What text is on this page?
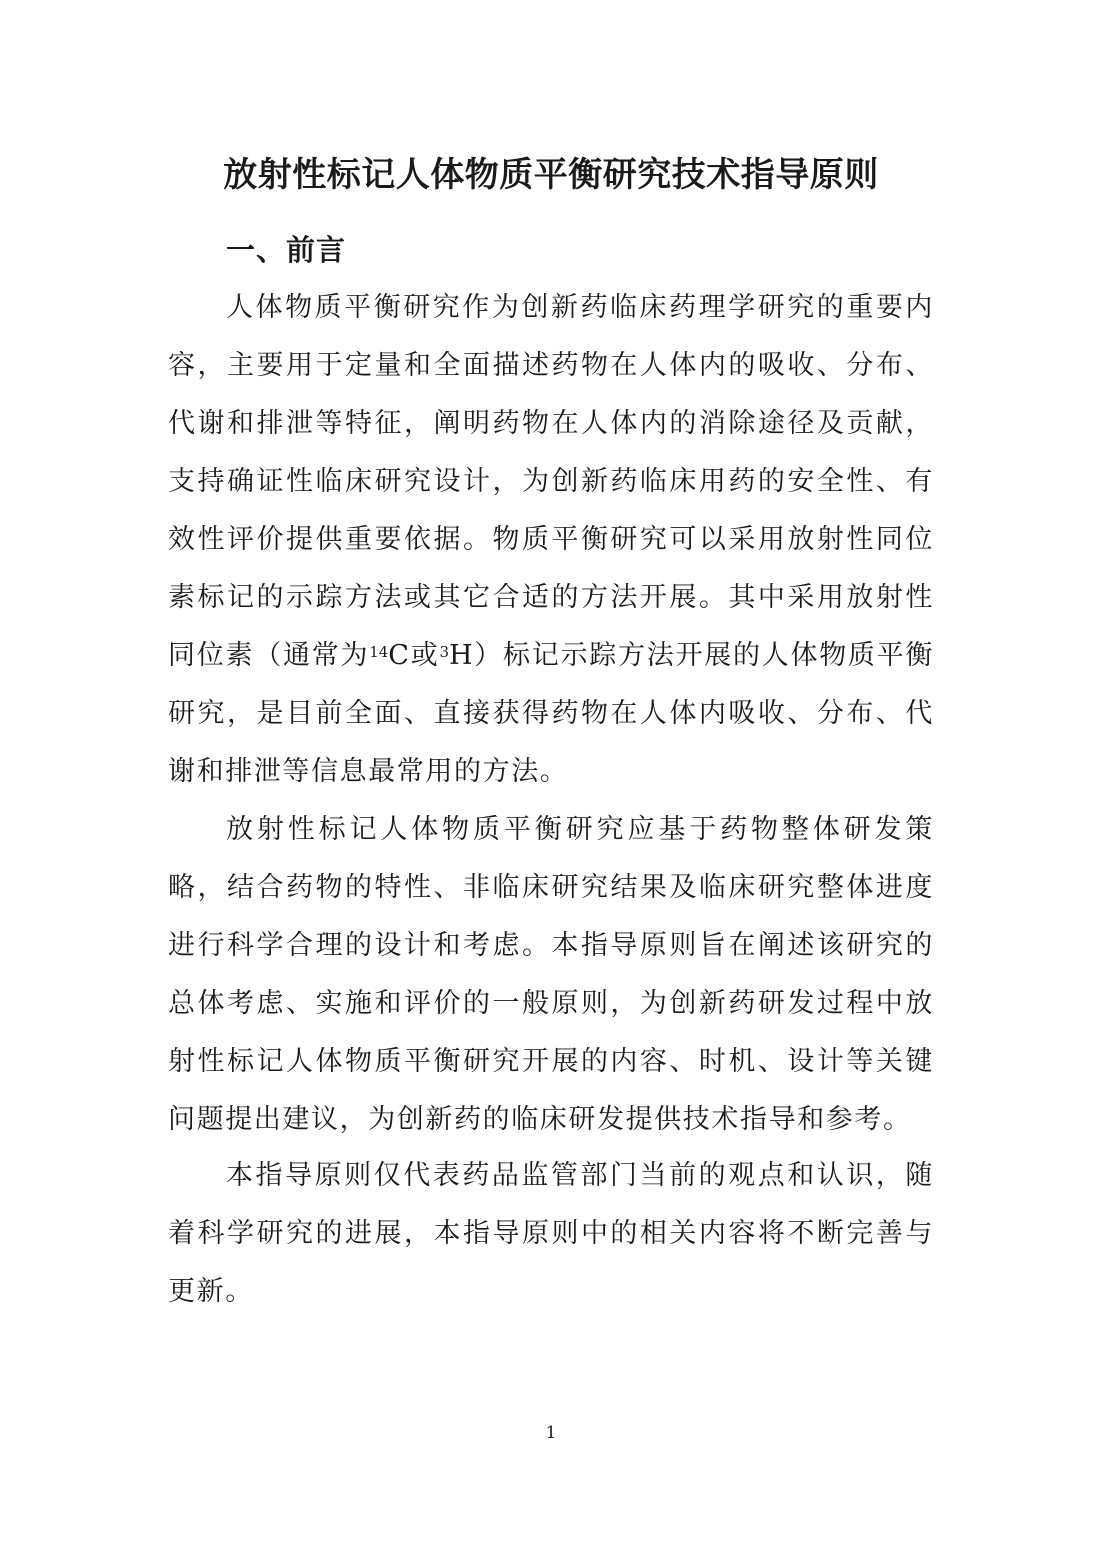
放射性标记人体物质平衡研究技术指导原则
一、前言

人体物质平衡研究作为创新药临床药理学研究的重要内容，主要用于定量和全面描述药物在人体内的吸收、分布、代谢和排泄等特征，阐明药物在人体内的消除途径及贡献，支持确证性临床研究设计，为创新药临床用药的安全性、有效性评价提供重要依据。物质平衡研究可以采用放射性同位素标记的示踪方法或其它合适的方法开展。其中采用放射性同位素（通常为$^{14}$C或$^3$H）标记示踪方法开展的人体物质平衡研究，是目前全面、直接获得药物在人体内吸收、分布、代谢和排泄等信息最常用的方法。

放射性标记人体物质平衡研究应基于药物整体研发策略，结合药物的特性、非临床研究结果及临床研究整体进度进行科学合理的设计和考虑。本指导原则旨在阐述该研究的总体考虑、实施和评价的一般原则，为创新药研发过程中放射性标记人体物质平衡研究开展的内容、时机、设计等关键问题提出建议，为创新药的临床研发提供技术指导和参考。

本指导原则仅代表药品监管部门当前的观点和认识，随着科学研究的进展，本指导原则中的相关内容将不断完善与更新。

1
